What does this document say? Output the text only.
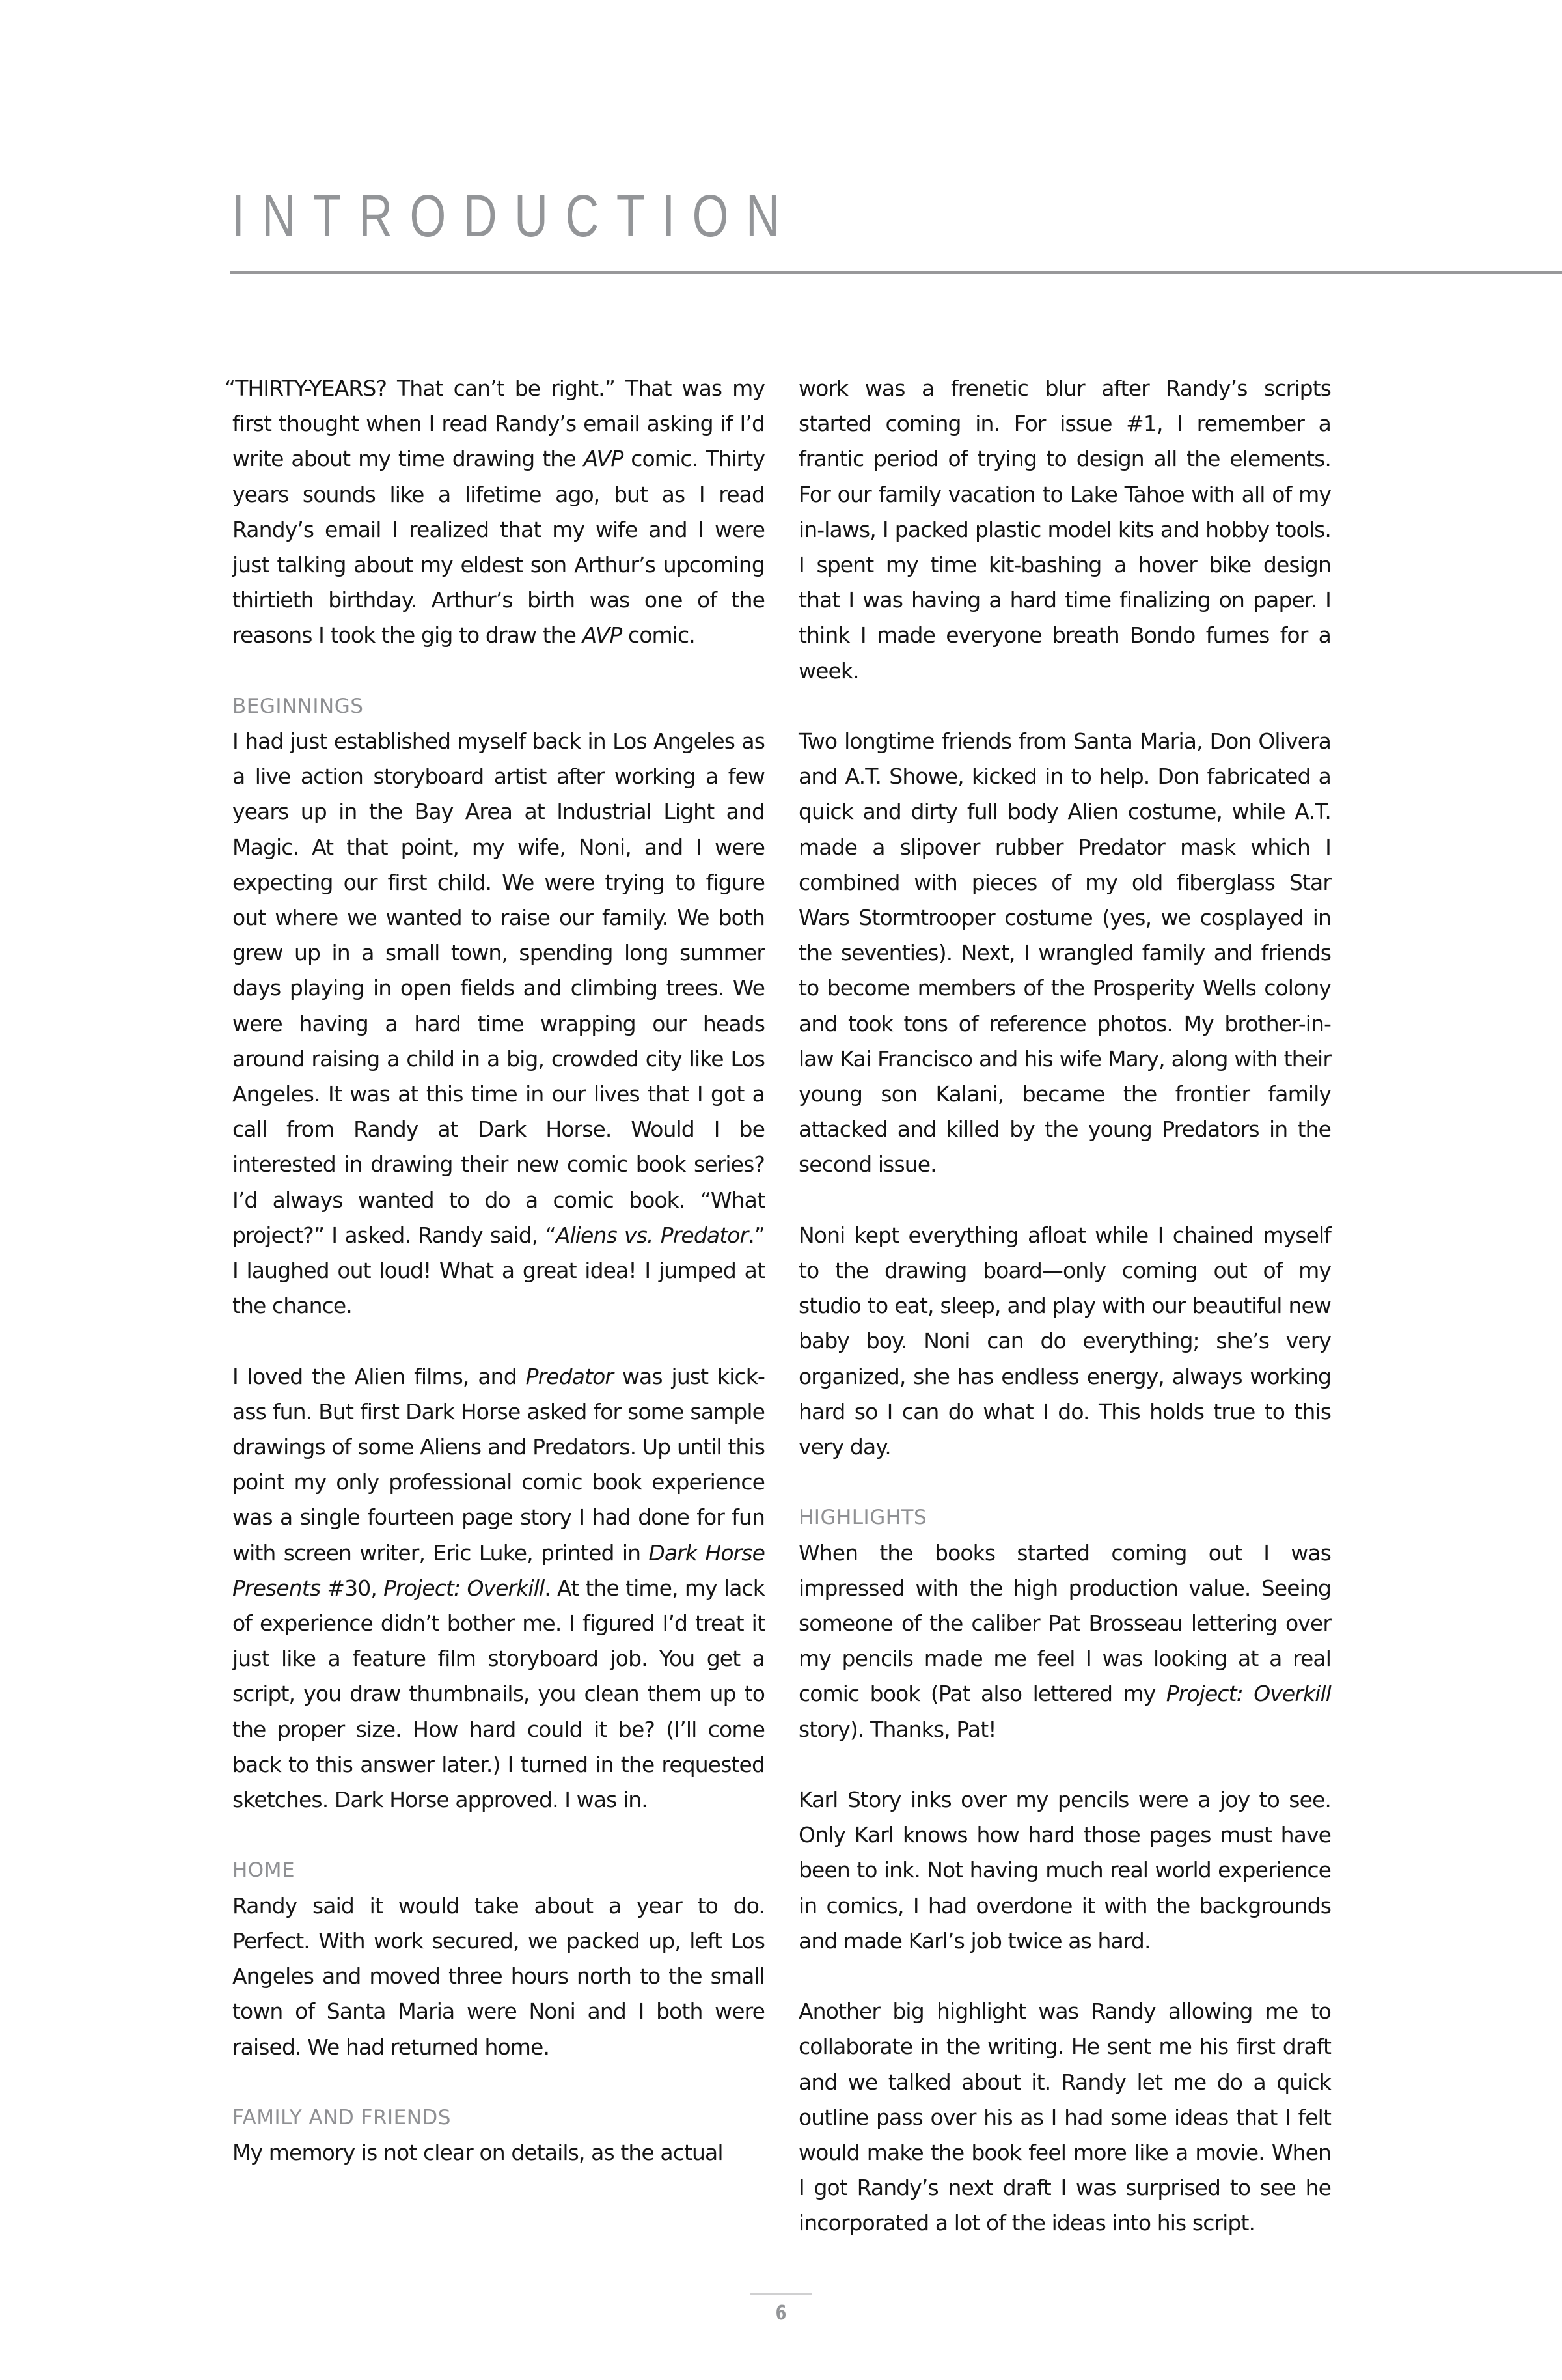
INTRODUCTION

“THIRTY-YEARS? That can’t be right.” That was my first thought when I read Randy’s email asking if I’d write about my time drawing the AVP comic. Thirty years sounds like a lifetime ago, but as I read Randy’s email I realized that my wife and I were just talking about my eldest son Arthur’s upcoming thirtieth birthday. Arthur’s birth was one of the reasons I took the gig to draw the AVP comic.

BEGINNINGS

I had just established myself back in Los Angeles as a live action storyboard artist after working a few years up in the Bay Area at Industrial Light and Magic. At that point, my wife, Noni, and I were expecting our first child. We were trying to figure out where we wanted to raise our family. We both grew up in a small town, spending long summer days playing in open fields and climbing trees. We were having a hard time wrapping our heads around raising a child in a big, crowded city like Los Angeles. It was at this time in our lives that I got a call from Randy at Dark Horse. Would I be interested in drawing their new comic book series? I’d always wanted to do a comic book. “What project?” I asked. Randy said, “Aliens vs. Predator.” I laughed out loud! What a great idea! I jumped at the chance.

I loved the Alien films, and Predator was just kick-ass fun. But first Dark Horse asked for some sample drawings of some Aliens and Predators. Up until this point my only professional comic book experience was a single fourteen page story I had done for fun with screen writer, Eric Luke, printed in Dark Horse Presents #30, Project: Overkill. At the time, my lack of experience didn’t bother me. I figured I’d treat it just like a feature film storyboard job. You get a script, you draw thumbnails, you clean them up to the proper size. How hard could it be? (I’ll come back to this answer later.) I turned in the requested sketches. Dark Horse approved. I was in.

HOME

Randy said it would take about a year to do. Perfect. With work secured, we packed up, left Los Angeles and moved three hours north to the small town of Santa Maria were Noni and I both were raised. We had returned home.

FAMILY AND FRIENDS

My memory is not clear on details, as the actual

work was a frenetic blur after Randy’s scripts started coming in. For issue #1, I remember a frantic period of trying to design all the elements. For our family vacation to Lake Tahoe with all of my in-laws, I packed plastic model kits and hobby tools. I spent my time kit-bashing a hover bike design that I was having a hard time finalizing on paper. I think I made everyone breath Bondo fumes for a week.

Two longtime friends from Santa Maria, Don Olivera and A.T. Showe, kicked in to help. Don fabricated a quick and dirty full body Alien costume, while A.T. made a slipover rubber Predator mask which I combined with pieces of my old fiberglass Star Wars Stormtrooper costume (yes, we cosplayed in the seventies). Next, I wrangled family and friends to become members of the Prosperity Wells colony and took tons of reference photos. My brother-in-law Kai Francisco and his wife Mary, along with their young son Kalani, became the frontier family attacked and killed by the young Predators in the second issue.

Noni kept everything afloat while I chained myself to the drawing board—only coming out of my studio to eat, sleep, and play with our beautiful new baby boy. Noni can do everything; she’s very organized, she has endless energy, always working hard so I can do what I do. This holds true to this very day.

HIGHLIGHTS

When the books started coming out I was impressed with the high production value. Seeing someone of the caliber Pat Brosseau lettering over my pencils made me feel I was looking at a real comic book (Pat also lettered my Project: Overkill story). Thanks, Pat!

Karl Story inks over my pencils were a joy to see. Only Karl knows how hard those pages must have been to ink. Not having much real world experience in comics, I had overdone it with the backgrounds and made Karl’s job twice as hard.

Another big highlight was Randy allowing me to collaborate in the writing. He sent me his first draft and we talked about it. Randy let me do a quick outline pass over his as I had some ideas that I felt would make the book feel more like a movie. When I got Randy’s next draft I was surprised to see he incorporated a lot of the ideas into his script.

6
